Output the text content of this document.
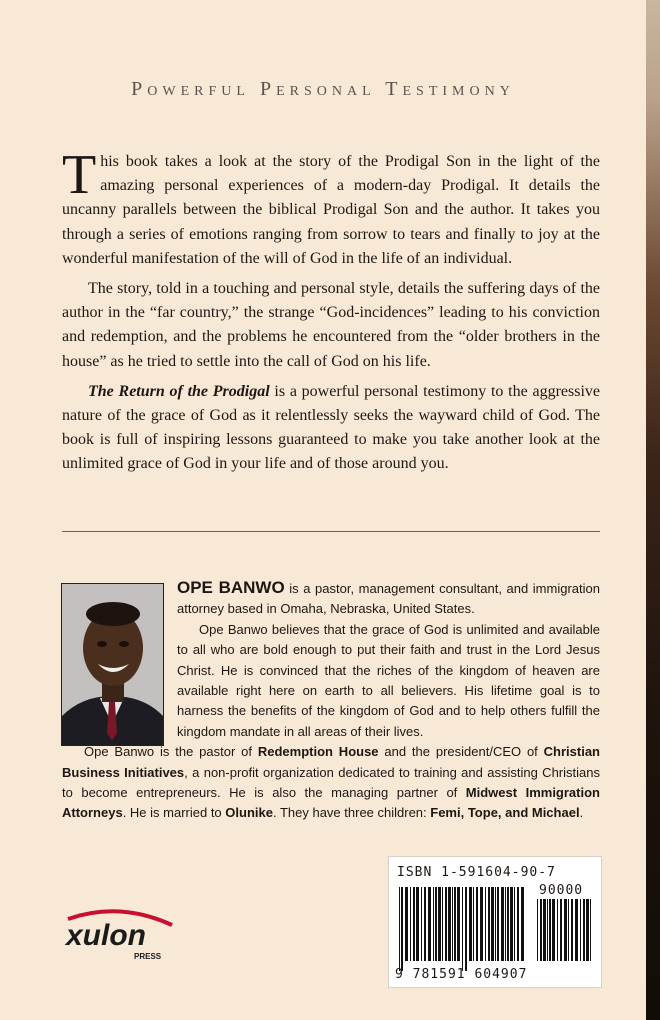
Powerful Personal Testimony

This book takes a look at the story of the Prodigal Son in the light of the amazing personal experiences of a modern-day Prodigal. It details the uncanny parallels between the biblical Prodigal Son and the author. It takes you through a series of emotions ranging from sorrow to tears and finally to joy at the wonderful manifestation of the will of God in the life of an individual.

The story, told in a touching and personal style, details the suffering days of the author in the “far country,” the strange “God-incidences” leading to his conviction and redemption, and the problems he encountered from the “older brothers in the house” as he tried to settle into the call of God on his life.

The Return of the Prodigal is a powerful personal testimony to the aggressive nature of the grace of God as it relentlessly seeks the wayward child of God. The book is full of inspiring lessons guaranteed to make you take another look at the unlimited grace of God in your life and of those around you.

OPE BANWO is a pastor, management consultant, and immigration attorney based in Omaha, Nebraska, United States.

Ope Banwo believes that the grace of God is unlimited and available to all who are bold enough to put their faith and trust in the Lord Jesus Christ. He is convinced that the riches of the kingdom of heaven are available right here on earth to all believers. His lifetime goal is to harness the benefits of the kingdom of God and to help others fulfill the kingdom mandate in all areas of their lives.

Ope Banwo is the pastor of Redemption House and the president/CEO of Christian Business Initiatives, a non-profit organization dedicated to training and assisting Christians to become entrepreneurs. He is also the managing partner of Midwest Immigration Attorneys. He is married to Olunike. They have three children: Femi, Tope, and Michael.

ISBN 1-591604-90-7
90000
9 781591 604907
xulon
PRESS
